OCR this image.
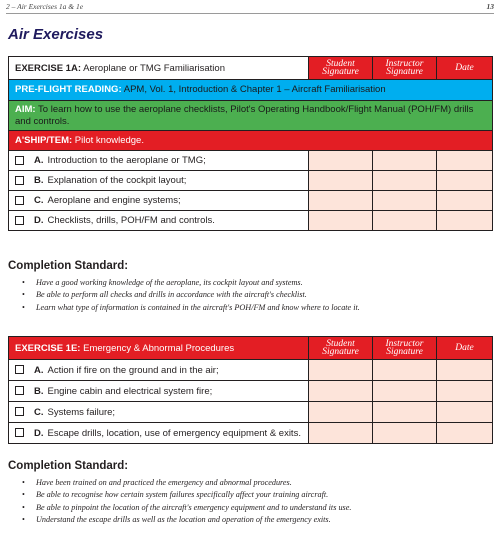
2 – Air Exercises 1a & 1e	13
Air Exercises
EXERCISE 1A: Aeroplane or TMG Familiarisation	Student Signature	Instructor Signature	Date
PRE-FLIGHT READING: APM, Vol. 1, Introduction & Chapter 1 – Aircraft Familiarisation			
AIM: To learn how to use the aeroplane checklists, Pilot's Operating Handbook/Flight Manual (POH/FM) drills and controls.			
A'SHIP/TEM: Pilot knowledge.			
A. Introduction to the aeroplane or TMG;			
B. Explanation of the cockpit layout;			
C. Aeroplane and engine systems;			
D. Checklists, drills, POH/FM and controls.			
Completion Standard:
• Have a good working knowledge of the aeroplane, its cockpit layout and systems.
• Be able to perform all checks and drills in accordance with the aircraft's checklist.
• Learn what type of information is contained in the aircraft's POH/FM and know where to locate it.
EXERCISE 1E: Emergency & Abnormal Procedures	Student Signature	Instructor Signature	Date
A. Action if fire on the ground and in the air;			
B. Engine cabin and electrical system fire;			
C. Systems failure;			
D. Escape drills, location, use of emergency equipment & exits.			
Completion Standard:
• Have been trained on and practiced the emergency and abnormal procedures.
• Be able to recognise how certain system failures specifically affect your training aircraft.
• Be able to pinpoint the location of the aircraft's emergency equipment and to understand its use.
• Understand the escape drills as well as the location and operation of the emergency exits.
